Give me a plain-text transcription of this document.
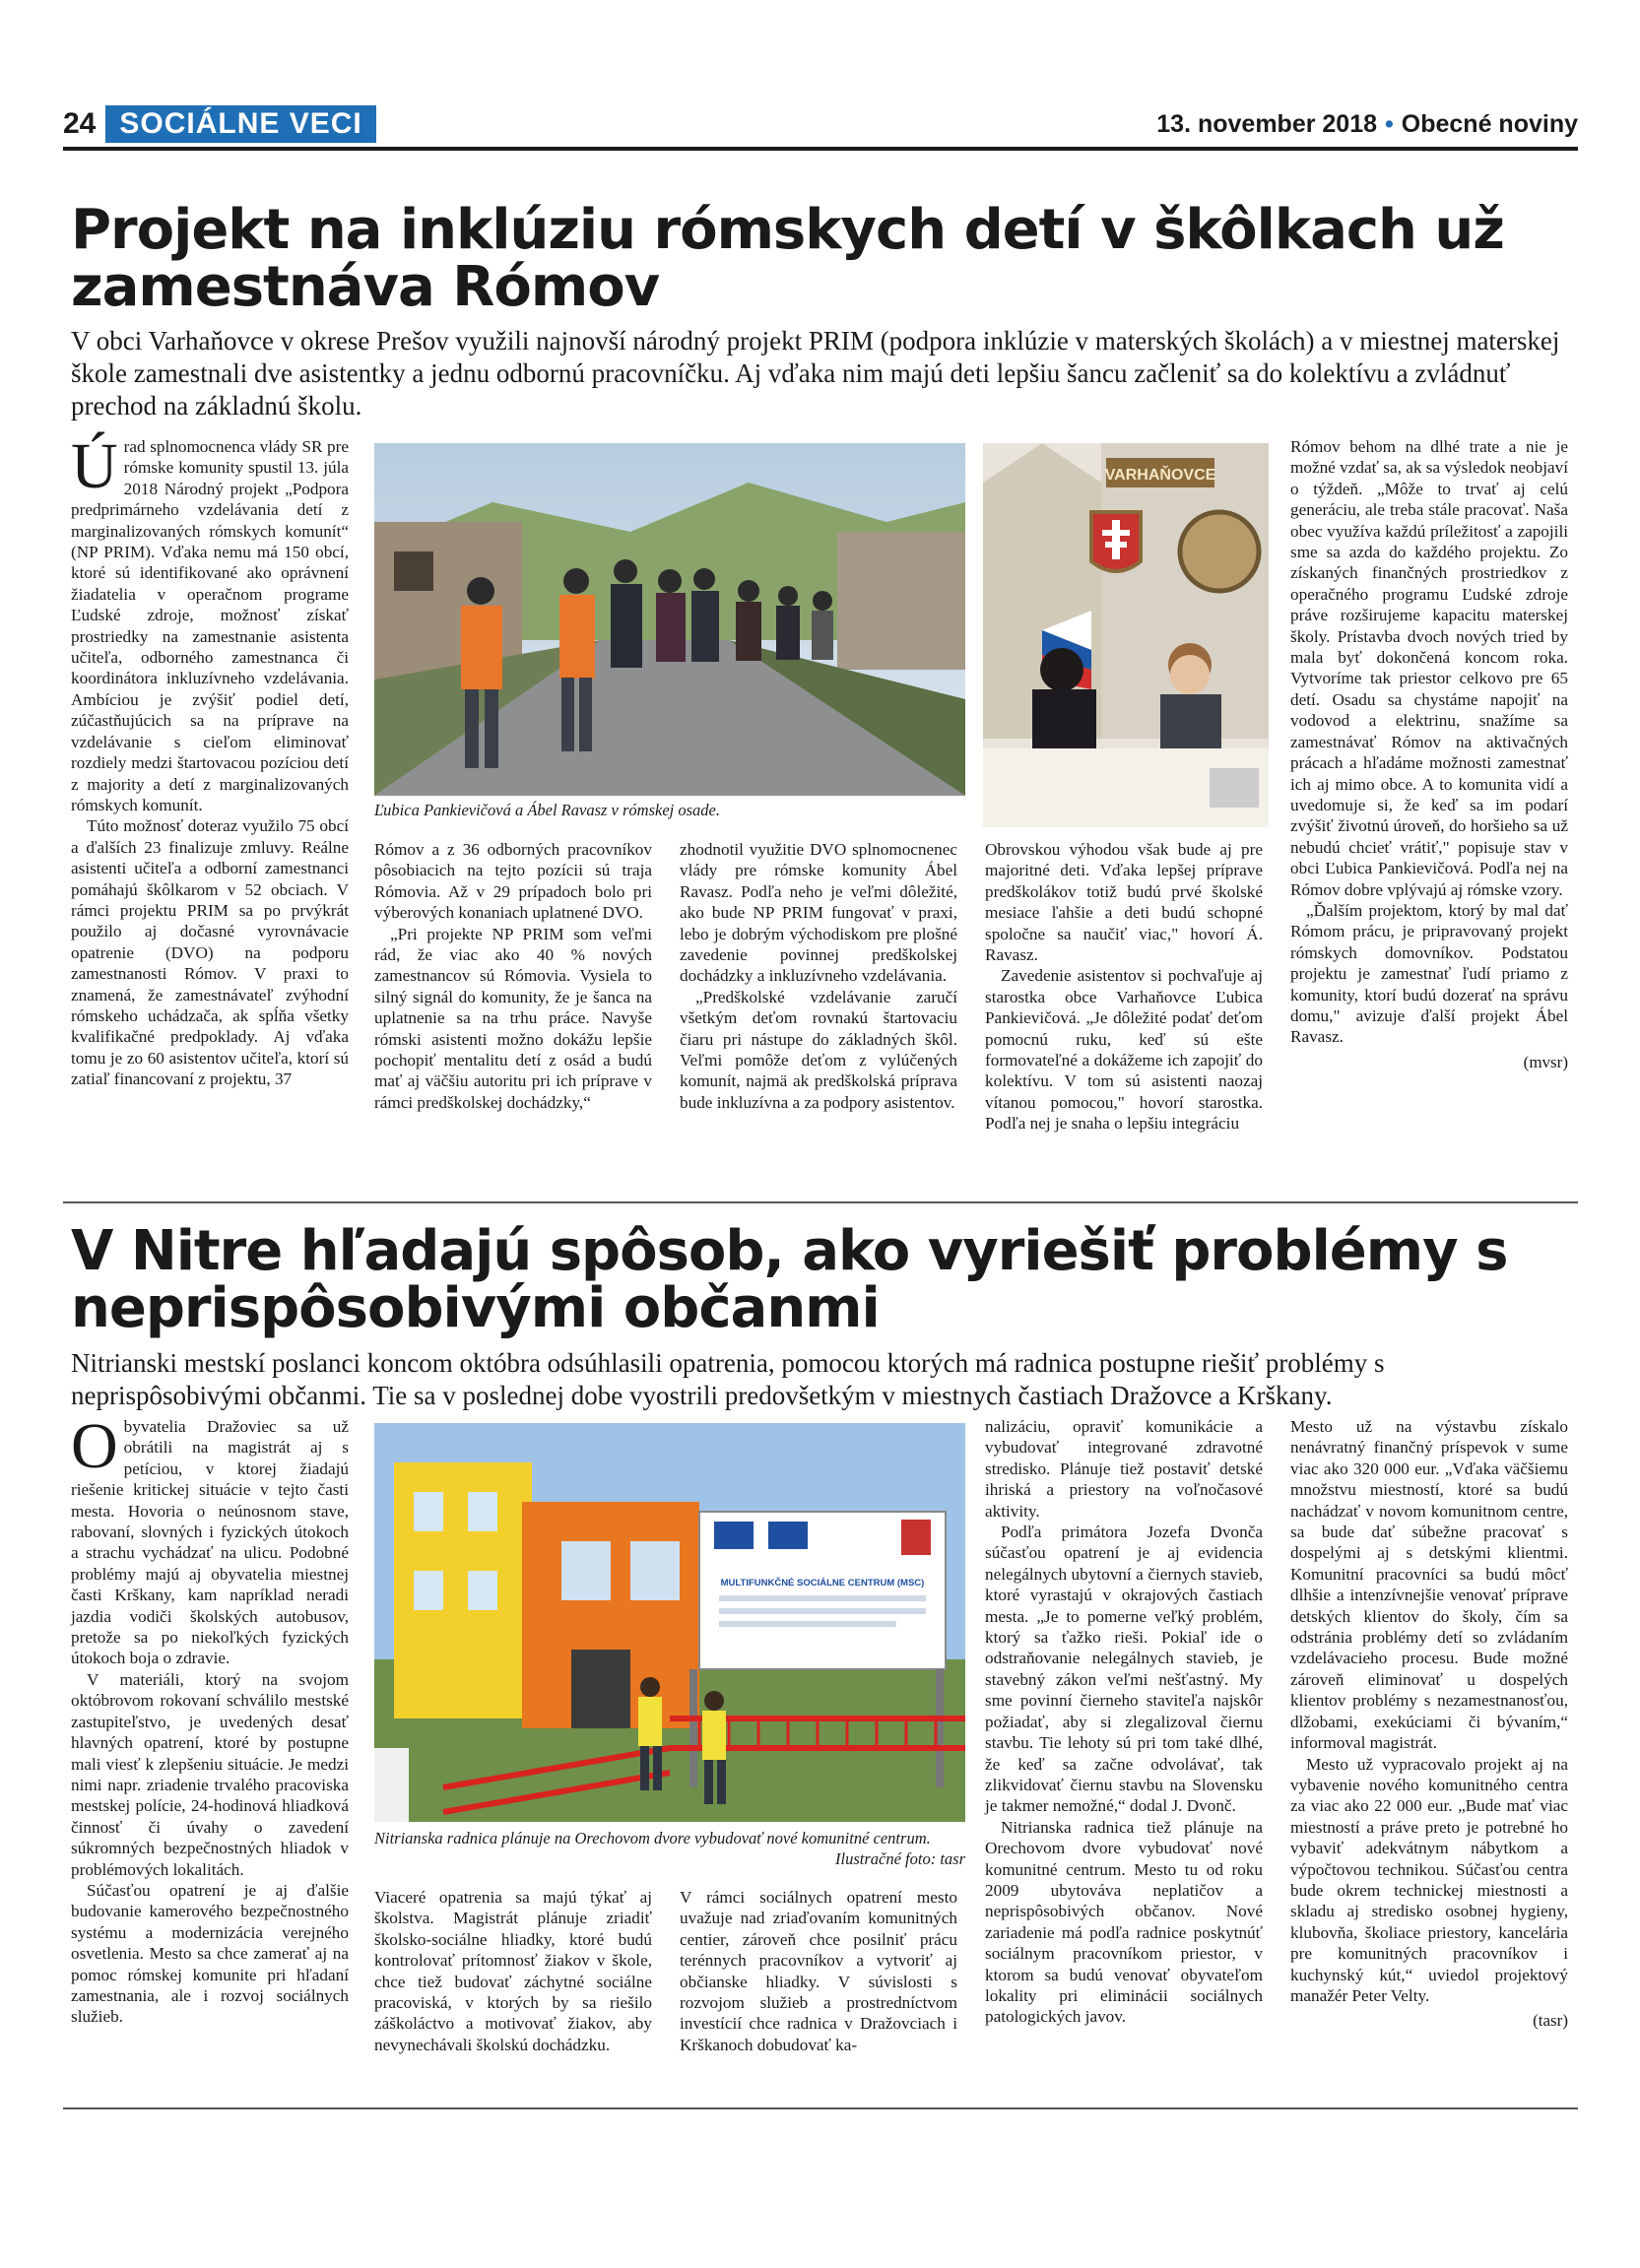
24 SOCIÁLNE VECI	13. november 2018 • Obecné noviny
Projekt na inklúziu rómskych detí v škôlkach už zamestnáva Rómov

V obci Varhaňovce v okrese Prešov využili najnovší národný projekt PRIM (podpora inklúzie v materských školách) a v miestnej materskej škole zamestnali dve asistentky a jednu odbornú pracovníčku. Aj vďaka nim majú deti lepšiu šancu začleniť sa do kolektívu a zvládnuť prechod na základnú školu.

Úrad splnomocnenca vlády SR pre rómske komunity spustil 13. júla 2018 Národný projekt „Podpora predprimárneho vzdelávania detí z marginalizovaných rómskych komunít“ (NP PRIM). Vďaka nemu má 150 obcí, ktoré sú identifikované ako oprávnení žiadatelia v operačnom programe Ľudské zdroje, možnosť získať prostriedky na zamestnanie asistenta učiteľa, odborného zamestnanca či koordinátora inkluzívneho vzdelávania. Ambíciou je zvýšiť podiel detí, zúčastňujúcich sa na príprave na vzdelávanie s cieľom eliminovať rozdiely medzi štartovacou pozíciou detí z majority a detí z marginalizovaných rómskych komunít.

Túto možnosť doteraz využilo 75 obcí a ďalších 23 finalizuje zmluvy. Reálne asistenti učiteľa a odborní zamestnanci pomáhajú škôlkarom v 52 obciach. V rámci projektu PRIM sa po prvýkrát použilo aj dočasné vyrovnávacie opatrenie (DVO) na podporu zamestnanosti Rómov. V praxi to znamená, že zamestnávateľ zvýhodní rómskeho uchádzača, ak spĺňa všetky kvalifikačné predpoklady. Aj vďaka tomu je zo 60 asistentov učiteľa, ktorí sú zatiaľ financovaní z projektu, 37

Ľubica Pankievičová a Ábel Ravasz v rómskej osade.

Rómov a z 36 odborných pracovníkov pôsobiacich na tejto pozícii sú traja Rómovia. Až v 29 prípadoch bolo pri výberových konaniach uplatnené DVO.

„Pri projekte NP PRIM som veľmi rád, že viac ako 40 % nových zamestnancov sú Rómovia. Vysiela to silný signál do komunity, že je šanca na uplatnenie sa na trhu práce. Navyše rómski asistenti možno dokážu lepšie pochopiť mentalitu detí z osád a budú mať aj väčšiu autoritu pri ich príprave v rámci predškolskej dochádzky,“

zhodnotil využitie DVO splnomocnenec vlády pre rómske komunity Ábel Ravasz. Podľa neho je veľmi dôležité, ako bude NP PRIM fungovať v praxi, lebo je dobrým východiskom pre plošné zavedenie povinnej predškolskej dochádzky a inkluzívneho vzdelávania.

„Predškolské vzdelávanie zaručí všetkým deťom rovnakú štartovaciu čiaru pri nástupe do základných škôl. Veľmi pomôže deťom z vylúčených komunít, najmä ak predškolská príprava bude inkluzívna a za podpory asistentov.

VARHAŇOVCE

Obrovskou výhodou však bude aj pre majoritné deti. Vďaka lepšej príprave predškolákov totiž budú prvé školské mesiace ľahšie a deti budú schopné spoločne sa naučiť viac," hovorí Á. Ravasz.

Zavedenie asistentov si pochvaľuje aj starostka obce Varhaňovce Ľubica Pankievičová. „Je dôležité podať deťom pomocnú ruku, keď sú ešte formovateľné a dokážeme ich zapojiť do kolektívu. V tom sú asistenti naozaj vítanou pomocou," hovorí starostka. Podľa nej je snaha o lepšiu integráciu

Rómov behom na dlhé trate a nie je možné vzdať sa, ak sa výsledok neobjaví o týždeň. „Môže to trvať aj celú generáciu, ale treba stále pracovať. Naša obec využíva každú príležitosť a zapojili sme sa azda do každého projektu. Zo získaných finančných prostriedkov z operačného programu Ľudské zdroje práve rozširujeme kapacitu materskej školy. Prístavba dvoch nových tried by mala byť dokončená koncom roka. Vytvoríme tak priestor celkovo pre 65 detí. Osadu sa chystáme napojiť na vodovod a elektrinu, snažíme sa zamestnávať Rómov na aktivačných prácach a hľadáme možnosti zamestnať ich aj mimo obce. A to komunita vidí a uvedomuje si, že keď sa im podarí zvýšiť životnú úroveň, do horšieho sa už nebudú chcieť vrátiť," popisuje stav v obci Ľubica Pankievičová. Podľa nej na Rómov dobre vplývajú aj rómske vzory.

„Ďalším projektom, ktorý by mal dať Rómom prácu, je pripravovaný projekt rómskych domovníkov. Podstatou projektu je zamestnať ľudí priamo z komunity, ktorí budú dozerať na správu domu," avizuje ďalší projekt Ábel Ravasz.

(mvsr)
V Nitre hľadajú spôsob, ako vyriešiť problémy s neprispôsobivými občanmi

Nitrianski mestskí poslanci koncom októbra odsúhlasili opatrenia, pomocou ktorých má radnica postupne riešiť problémy s neprispôsobivými občanmi. Tie sa v poslednej dobe vyostrili predovšetkým v miestnych častiach Dražovce a Krškany.

Obyvatelia Dražoviec sa už obrátili na magistrát aj s petíciou, v ktorej žiadajú riešenie kritickej situácie v tejto časti mesta. Hovoria o neúnosnom stave, rabovaní, slovných i fyzických útokoch a strachu vychádzať na ulicu. Podobné problémy majú aj obyvatelia miestnej časti Krškany, kam napríklad neradi jazdia vodiči školských autobusov, pretože sa po niekoľkých fyzických útokoch boja o zdravie.

V materiáli, ktorý na svojom októbrovom rokovaní schválilo mestské zastupiteľstvo, je uvedených desať hlavných opatrení, ktoré by postupne mali viesť k zlepšeniu situácie. Je medzi nimi napr. zriadenie trvalého pracoviska mestskej polície, 24-hodinová hliadková činnosť či úvahy o zavedení súkromných bezpečnostných hliadok v problémových lokalitách.

Súčasťou opatrení je aj ďalšie budovanie kamerového bezpečnostného systému a modernizácia verejného osvetlenia. Mesto sa chce zamerať aj na pomoc rómskej komunite pri hľadaní zamestnania, ale i rozvoj sociálnych služieb.

MULTIFUNKČNÉ SOCIÁLNE CENTRUM (MSC)
Nitrianska radnica plánuje na Orechovom dvore vybudovať nové komunitné centrum.
Ilustračné foto: tasr

Viaceré opatrenia sa majú týkať aj školstva. Magistrát plánuje zriadiť školsko-sociálne hliadky, ktoré budú kontrolovať prítomnosť žiakov v škole, chce tiež budovať záchytné sociálne pracoviská, v ktorých by sa riešilo záškoláctvo a motivovať žiakov, aby nevynechávali školskú dochádzku.

V rámci sociálnych opatrení mesto uvažuje nad zriaďovaním komunitných centier, zároveň chce posilniť prácu terénnych pracovníkov a vytvoriť aj občianske hliadky. V súvislosti s rozvojom služieb a prostredníctvom investícií chce radnica v Dražovciach i Krškanoch dobudovať ka-

nalizáciu, opraviť komunikácie a vybudovať integrované zdravotné stredisko. Plánuje tiež postaviť detské ihriská a priestory na voľnočasové aktivity.

Podľa primátora Jozefa Dvonča súčasťou opatrení je aj evidencia nelegálnych ubytovní a čiernych stavieb, ktoré vyrastajú v okrajových častiach mesta. „Je to pomerne veľký problém, ktorý sa ťažko rieši. Pokiaľ ide o odstraňovanie nelegálnych stavieb, je stavebný zákon veľmi nešťastný. My sme povinní čierneho staviteľa najskôr požiadať, aby si zlegalizoval čiernu stavbu. Tie lehoty sú pri tom také dlhé, že keď sa začne odvolávať, tak zlikvidovať čiernu stavbu na Slovensku je takmer nemožné,“ dodal J. Dvonč.

Nitrianska radnica tiež plánuje na Orechovom dvore vybudovať nové komunitné centrum. Mesto tu od roku 2009 ubytováva neplatičov a neprispôsobivých občanov. Nové zariadenie má podľa radnice poskytnúť sociálnym pracovníkom priestor, v ktorom sa budú venovať obyvateľom lokality pri eliminácii sociálnych patologických javov.

Mesto už na výstavbu získalo nenávratný finančný príspevok v sume viac ako 320 000 eur. „Vďaka väčšiemu množstvu miestností, ktoré sa budú nachádzať v novom komunitnom centre, sa bude dať súbežne pracovať s dospelými aj s detskými klientmi. Komunitní pracovníci sa budú môcť dlhšie a intenzívnejšie venovať príprave detských klientov do školy, čím sa odstránia problémy detí so zvládaním vzdelávacieho procesu. Bude možné zároveň eliminovať u dospelých klientov problémy s nezamestnanosťou, dlžobami, exekúciami či bývaním,“ informoval magistrát.

Mesto už vypracovalo projekt aj na vybavenie nového komunitného centra za viac ako 22 000 eur. „Bude mať viac miestností a práve preto je potrebné ho vybaviť adekvátnym nábytkom a výpočtovou technikou. Súčasťou centra bude okrem technickej miestnosti a skladu aj stredisko osobnej hygieny, klubovňa, školiace priestory, kancelária pre komunitných pracovníkov i kuchynský kút,“ uviedol projektový manažér Peter Velty.

(tasr)
